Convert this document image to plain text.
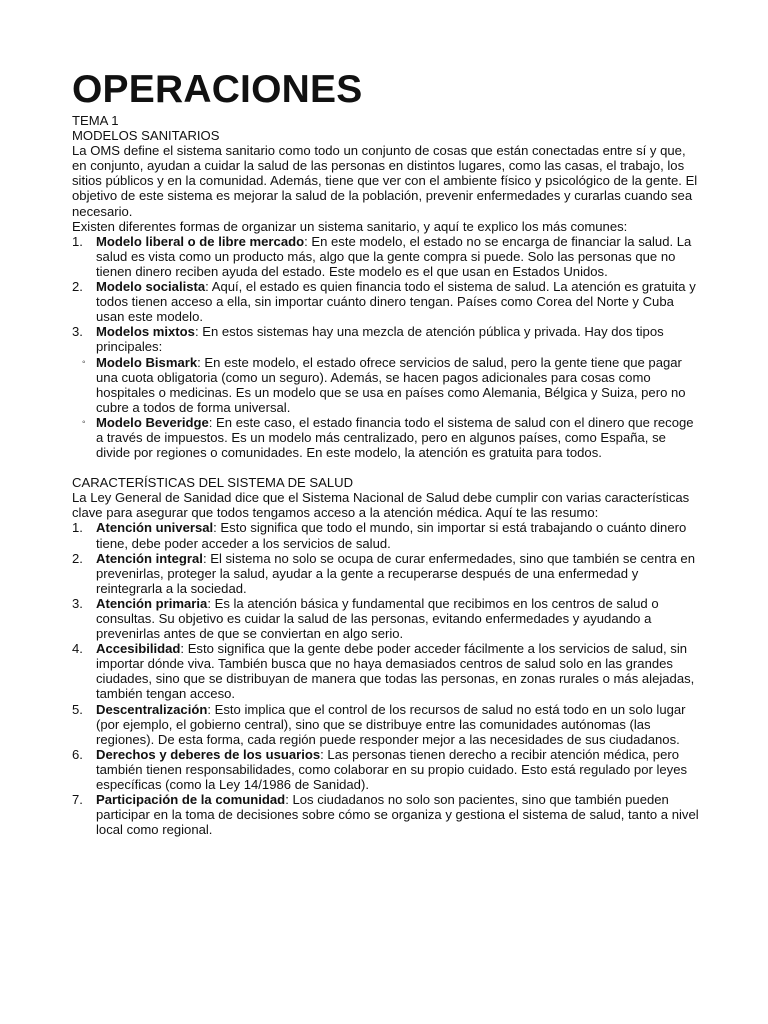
OPERACIONES

TEMA 1

MODELOS SANITARIOS

La OMS define el sistema sanitario como todo un conjunto de cosas que están conectadas entre sí y que, en conjunto, ayudan a cuidar la salud de las personas en distintos lugares, como las casas, el trabajo, los sitios públicos y en la comunidad. Además, tiene que ver con el ambiente físico y psicológico de la gente. El objetivo de este sistema es mejorar la salud de la población, prevenir enfermedades y curarlas cuando sea necesario.

Existen diferentes formas de organizar un sistema sanitario, y aquí te explico los más comunes:

1. Modelo liberal o de libre mercado: En este modelo, el estado no se encarga de financiar la salud. La salud es vista como un producto más, algo que la gente compra si puede. Solo las personas que no tienen dinero reciben ayuda del estado. Este modelo es el que usan en Estados Unidos.
2. Modelo socialista: Aquí, el estado es quien financia todo el sistema de salud. La atención es gratuita y todos tienen acceso a ella, sin importar cuánto dinero tengan. Países como Corea del Norte y Cuba usan este modelo.
3. Modelos mixtos: En estos sistemas hay una mezcla de atención pública y privada. Hay dos tipos principales:
◦ Modelo Bismark: En este modelo, el estado ofrece servicios de salud, pero la gente tiene que pagar una cuota obligatoria (como un seguro). Además, se hacen pagos adicionales para cosas como hospitales o medicinas. Es un modelo que se usa en países como Alemania, Bélgica y Suiza, pero no cubre a todos de forma universal.
◦ Modelo Beveridge: En este caso, el estado financia todo el sistema de salud con el dinero que recoge a través de impuestos. Es un modelo más centralizado, pero en algunos países, como España, se divide por regiones o comunidades. En este modelo, la atención es gratuita para todos.

CARACTERÍSTICAS DEL SISTEMA DE SALUD

La Ley General de Sanidad dice que el Sistema Nacional de Salud debe cumplir con varias características clave para asegurar que todos tengamos acceso a la atención médica. Aquí te las resumo:

1. Atención universal: Esto significa que todo el mundo, sin importar si está trabajando o cuánto dinero tiene, debe poder acceder a los servicios de salud.
2. Atención integral: El sistema no solo se ocupa de curar enfermedades, sino que también se centra en prevenirlas, proteger la salud, ayudar a la gente a recuperarse después de una enfermedad y reintegrarla a la sociedad.
3. Atención primaria: Es la atención básica y fundamental que recibimos en los centros de salud o consultas. Su objetivo es cuidar la salud de las personas, evitando enfermedades y ayudando a prevenirlas antes de que se conviertan en algo serio.
4. Accesibilidad: Esto significa que la gente debe poder acceder fácilmente a los servicios de salud, sin importar dónde viva. También busca que no haya demasiados centros de salud solo en las grandes ciudades, sino que se distribuyan de manera que todas las personas, en zonas rurales o más alejadas, también tengan acceso.
5. Descentralización: Esto implica que el control de los recursos de salud no está todo en un solo lugar (por ejemplo, el gobierno central), sino que se distribuye entre las comunidades autónomas (las regiones). De esta forma, cada región puede responder mejor a las necesidades de sus ciudadanos.
6. Derechos y deberes de los usuarios: Las personas tienen derecho a recibir atención médica, pero también tienen responsabilidades, como colaborar en su propio cuidado. Esto está regulado por leyes específicas (como la Ley 14/1986 de Sanidad).
7. Participación de la comunidad: Los ciudadanos no solo son pacientes, sino que también pueden participar en la toma de decisiones sobre cómo se organiza y gestiona el sistema de salud, tanto a nivel local como regional.
